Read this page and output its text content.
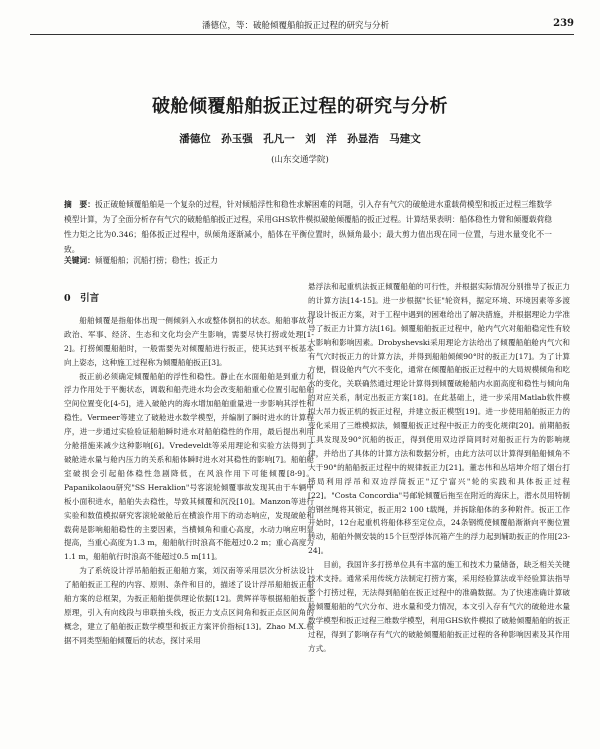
潘德位，等：破舱倾覆船舶扳正过程的研究与分析	239
破舱倾覆船舶扳正过程的研究与分析
潘德位　孙玉强　孔凡一　刘　洋　孙显浩　马建文
(山东交通学院)
摘　要：扳正破舱倾覆船舶是一个复杂的过程，针对倾船浮性和稳性求解困难的问题，引入存有气穴的破舱进水重载荷模型和扳正过程三维数学模型计算，为了全面分析存有气穴的破舱船舶扳正过程，采用GHS软件模拟破舱倾覆船的扳正过程。计算结果表明：船体稳性力臂和倾覆载荷稳性力矩之比为0.346；船体扳正过程中，纵倾角逐渐减小，船体在平衡位置时，纵倾角最小；最大剪力值出现在同一位置，与进水量变化不一致。
关键词：倾覆船舶；沉船打捞；稳性；扳正力
0　引言

船舶倾覆是指船体出现一侧倾斜入水或整体倒扣的状态。船舶事故对政治、军事、经济、生态和文化均会产生影响，需要尽快打捞或处理[1-2]。打捞倾覆船舶时，一般需要先对倾覆船进行扳正，使其达到平板基本向上姿态，这种施工过程称为倾覆船舶扳正[3]。

扳正前必须确定倾覆船舶的浮性和稳性。静止在水面船舶是到重力和浮力作用处于平衡状态，调载和船壳进水均会改变船舶重心位置引起船舶空间位置变化[4-5]，进入破舱内的海水增加船舶重量进一步影响其浮性和稳性。Vermeer等建立了破舱进水数学模型，并编制了瞬时进水的计算程序，进一步通过实验验证船舶瞬时进水对船舶稳性的作用，最后提出利用分舱措施来减少这种影响[6]。Vredeveldt等采用理论和实验方法得到了破舱进水量与舱内压力的关系和船体瞬时进水对其稳性的影响[7]。船舶舱室破损会引起船体稳性急剧降低，在风浪作用下可能倾覆[8-9]。Papanikolaou研究"SS Heraklion"号客滚轮倾覆事故发现其由于车辆甲板小面积进水，船舶失去稳性，导致其倾覆和沉没[10]。Manzon等进行实验和数值模拟研究客滚轮破舱后在横浪作用下的动态响应，发现破舱和载荷是影响船舶稳性的主要因素，当横倾角和重心高度，水动力响应明显提高，当重心高度为1.3 m，船舶航行时浪高不能超过0.2 m；重心高度为1.1 m，船舶航行时浪高不能超过0.5 m[11]。

为了系统设计浮吊船舶扳正船舶方案，刘汉南等采用层次分析法设计了船舶扳正工程的内容、原则、条件和目的，描述了设计浮吊船舶扳正船舶方案的总框架，为扳正船舶提供理论依据[12]。黄辉祥等根据船舶扳正原理，引入有向线段与串联抽头线，扳正力支点区间角和扳正点区间角的概念，建立了船舶扳正数学模型和扳正方案评价指标[13]。Zhao M.X.根据不同类型船舶倾覆后的状态，探讨采用

悬浮法和起重机法扳正倾覆船舶的可行性，并根据实际情况分别推导了扳正力的计算方法[14-15]。进一步根据"长征"轮资料，据定环境、环境因素等多渡现设计扳正方案，对于工程中遇到的困难给出了解决措施，并根据理论力学准导了扳正力计算方法[16]。倾覆船舶扳正过程中，舱内气穴对船舶稳定性有较大影响和影响因素。Drobyshevski采用理论方法给出了倾覆船舶舱内气穴和有气穴时扳正力的计算方法，并得到船舶倾倾90°时的扳正力[17]。为了计算方便，假设舱内气穴不变化，通常在倾覆船舶扳正过程中的大局规模倾角和吃水的变化，关联确然通过理论计算得到倾覆破舱船内水面高度和稳性与倾向角的对应关系，制定出扳正方案[18]。在此基础上，进一步采用Matlab软件模拟大吊力扳正机的扳正过程，并建立扳正模型[19]。进一步使用船舶扳正力的变化采用了三维模拟法，倾覆船扳正过程中扳正力的变化规律[20]。前期船扳工具发现及90°沉船的扳正，得到使用双边浮筒同时对船扳正行为的影响规律，并给出了具体的计算方法和数据分析，由此方法可以计算得到船船倾角不大于90°的船船扳正过程中的规律扳正力[21]。董志伟和丛培坤介绍了烟台打捞局利用浮吊和双边浮筒扳正"辽宁富兴"轮的实践和具体扳正过程[22]。"Costa Concordia"号邮轮倾覆后拖至在附近的海床上，潜水员用特制的钢丝绳将其锁定，扳正用2 100 t载绳，并拆除船体的多种附件。扳正工作开始时，12台起重机将船体移至定位点，24条钢缆使倾覆船渐渐向平衡位置转动，船舶外侧安装的15个巨型浮体沉箱产生的浮力起到辅助扳正的作用[23-24]。

目前，我国许多打捞单位具有丰富的施工和技术力量储备，缺乏相关关键技术支持。通常采用传统方法制定打捞方案，采用经验算法或半经验算法指导整个打捞过程，无法得到船舶在扳正过程中的准确数据。为了快速准确计算破舱倾覆船舶的气穴分布、进水量和受力情况，本文引入存有气穴的破舱进水量数学模型和扳正过程三维数学模型，利用GHS软件模拟了破舱倾覆船舶的扳正过程，得到了影响存有气穴的破舱倾覆船舶扳正过程的各种影响因素及其作用方式。
